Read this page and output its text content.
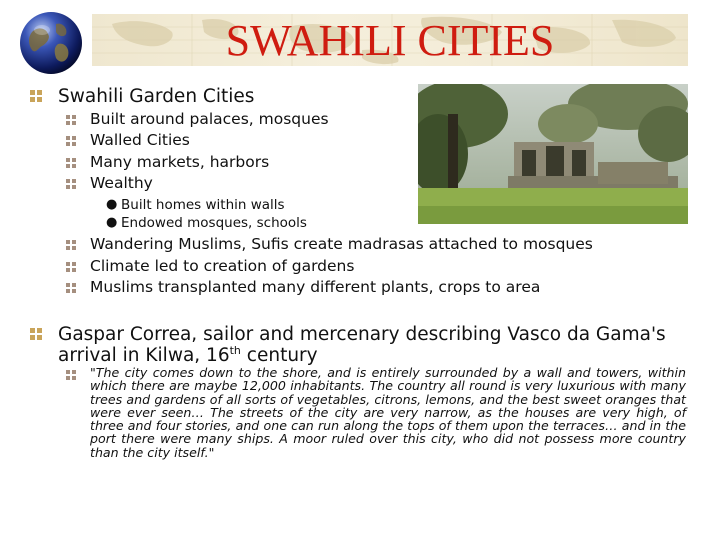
SWAHILI CITIES
Swahili Garden Cities
Built around palaces, mosques
Walled Cities
Many markets, harbors
Wealthy
● Built homes within walls
● Endowed mosques, schools
Wandering Muslims, Sufis create madrasas attached to mosques
Climate led to creation of gardens
Muslims transplanted many different plants, crops to area
Gaspar Correa, sailor and mercenary describing Vasco da Gama's
arrival in Kilwa, 16th century
"The city comes down to the shore, and is entirely surrounded by a wall and towers, within which there are maybe 12,000 inhabitants. The country all round is very luxurious with many trees and gardens of all sorts of vegetables, citrons, lemons, and the best sweet oranges that were ever seen… The streets of the city are very narrow, as the houses are very high, of three and four stories, and one can run along the tops of them upon the terraces… and in the port there were many ships. A moor ruled over this city, who did not possess more country than the city itself."
